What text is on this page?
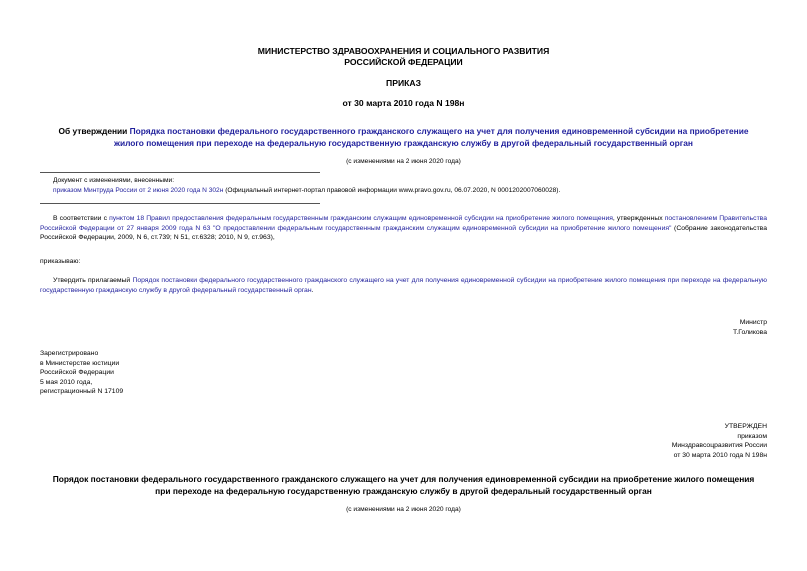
МИНИСТЕРСТВО ЗДРАВООХРАНЕНИЯ И СОЦИАЛЬНОГО РАЗВИТИЯ
РОССИЙСКОЙ ФЕДЕРАЦИИ
ПРИКАЗ
от 30 марта 2010 года N 198н
Об утверждении Порядка постановки федерального государственного гражданского служащего на учет для получения единовременной субсидии на приобретение жилого помещения при переходе на федеральную государственную гражданскую службу в другой федеральный государственный орган
(с изменениями на 2 июня 2020 года)
Документ с изменениями, внесенными:
приказом Минтруда России от 2 июня 2020 года N 302н (Официальный интернет-портал правовой информации www.pravo.gov.ru, 06.07.2020, N 0001202007060028).
В соответствии с пунктом 18 Правил предоставления федеральным государственным гражданским служащим единовременной субсидии на приобретение жилого помещения, утвержденных постановлением Правительства Российской Федерации от 27 января 2009 года N 63 "О предоставлении федеральным государственным гражданским служащим единовременной субсидии на приобретение жилого помещения" (Собрание законодательства Российской Федерации, 2009, N 6, ст.739; N 51, ст.6328; 2010, N 9, ст.963),
приказываю:
Утвердить прилагаемый Порядок постановки федерального государственного гражданского служащего на учет для получения единовременной субсидии на приобретение жилого помещения при переходе на федеральную государственную гражданскую службу в другой федеральный государственный орган.
Министр
Т.Голикова
Зарегистрировано
в Министерстве юстиции
Российской Федерации
5 мая 2010 года,
регистрационный N 17109
УТВЕРЖДЕН
приказом
Минздравсоцразвития России
от 30 марта 2010 года N 198н
Порядок постановки федерального государственного гражданского служащего на учет для получения единовременной субсидии на приобретение жилого помещения при переходе на федеральную государственную гражданскую службу в другой федеральный государственный орган
(с изменениями на 2 июня 2020 года)
